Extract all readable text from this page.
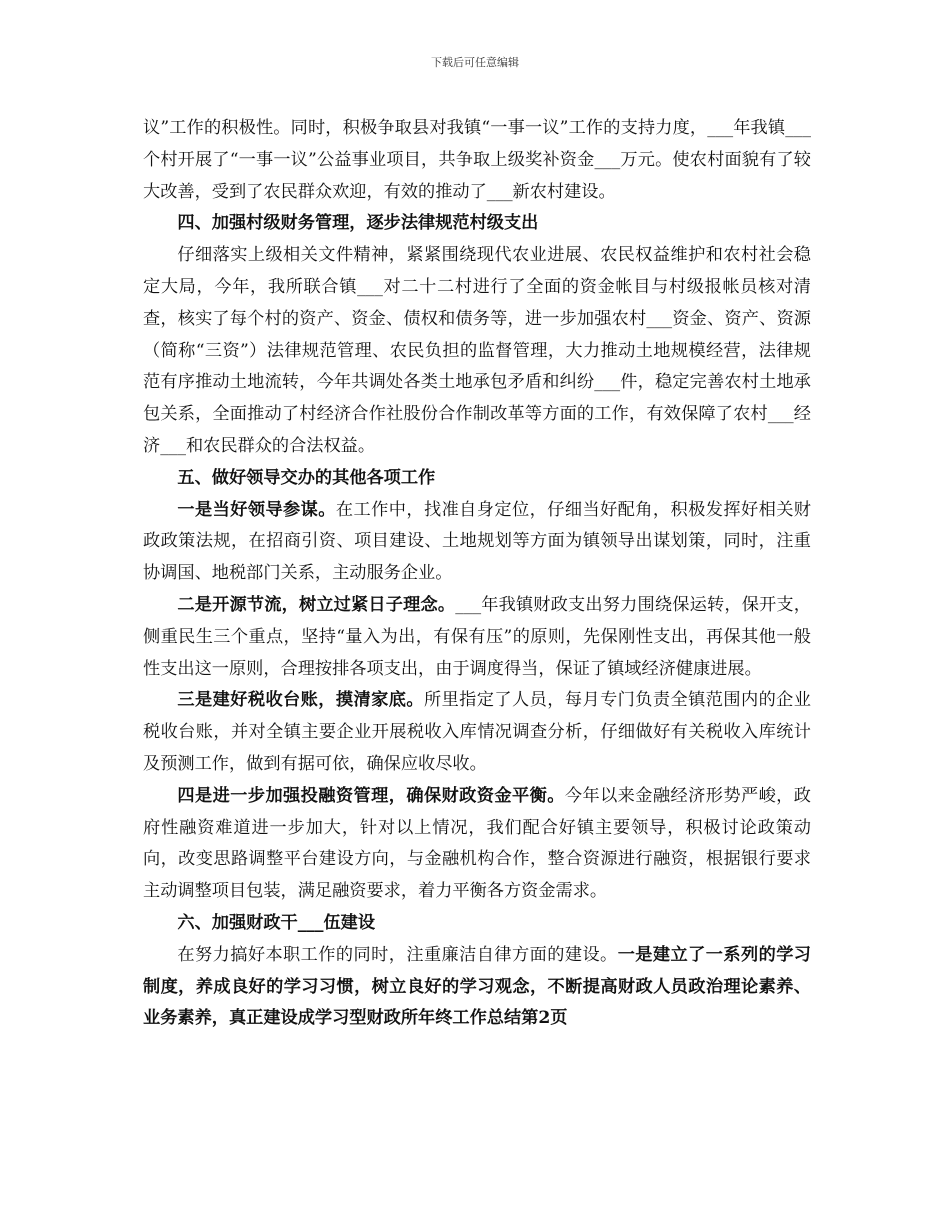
下载后可任意编辑

议”工作的积极性。同时，积极争取县对我镇“一事一议”工作的支持力度，___年我镇___个村开展了“一事一议”公益事业项目，共争取上级奖补资金___万元。使农村面貌有了较大改善，受到了农民群众欢迎，有效的推动了___新农村建设。

四、加强村级财务管理，逐步法律规范村级支出

仔细落实上级相关文件精神，紧紧围绕现代农业进展、农民权益维护和农村社会稳定大局，今年，我所联合镇___对二十二村进行了全面的资金帐目与村级报帐员核对清查，核实了每个村的资产、资金、债权和债务等，进一步加强农村___资金、资产、资源（简称“三资”）法律规范管理、农民负担的监督管理，大力推动土地规模经营，法律规范有序推动土地流转，今年共调处各类土地承包矛盾和纠纷___件，稳定完善农村土地承包关系，全面推动了村经济合作社股份合作制改革等方面的工作，有效保障了农村___经济___和农民群众的合法权益。

五、做好领导交办的其他各项工作

一是当好领导参谋。在工作中，找准自身定位，仔细当好配角，积极发挥好相关财政政策法规，在招商引资、项目建设、土地规划等方面为镇领导出谋划策，同时，注重协调国、地税部门关系，主动服务企业。

二是开源节流，树立过紧日子理念。___年我镇财政支出努力围绕保运转，保开支，侧重民生三个重点，坚持“量入为出，有保有压”的原则，先保刚性支出，再保其他一般性支出这一原则，合理按排各项支出，由于调度得当，保证了镇域经济健康进展。

三是建好税收台账，摸清家底。所里指定了人员，每月专门负责全镇范围内的企业税收台账，并对全镇主要企业开展税收入库情况调查分析，仔细做好有关税收入库统计及预测工作，做到有据可依，确保应收尽收。

四是进一步加强投融资管理，确保财政资金平衡。今年以来金融经济形势严峻，政府性融资难道进一步加大，针对以上情况，我们配合好镇主要领导，积极讨论政策动向，改变思路调整平台建设方向，与金融机构合作，整合资源进行融资，根据银行要求主动调整项目包装，满足融资要求，着力平衡各方资金需求。

六、加强财政干___伍建设

在努力搞好本职工作的同时，注重廉洁自律方面的建设。一是建立了一系列的学习制度，养成良好的学习习惯，树立良好的学习观念，不断提高财政人员政治理论素养、业务素养，真正建设成学习型财政所年终工作总结第2页
